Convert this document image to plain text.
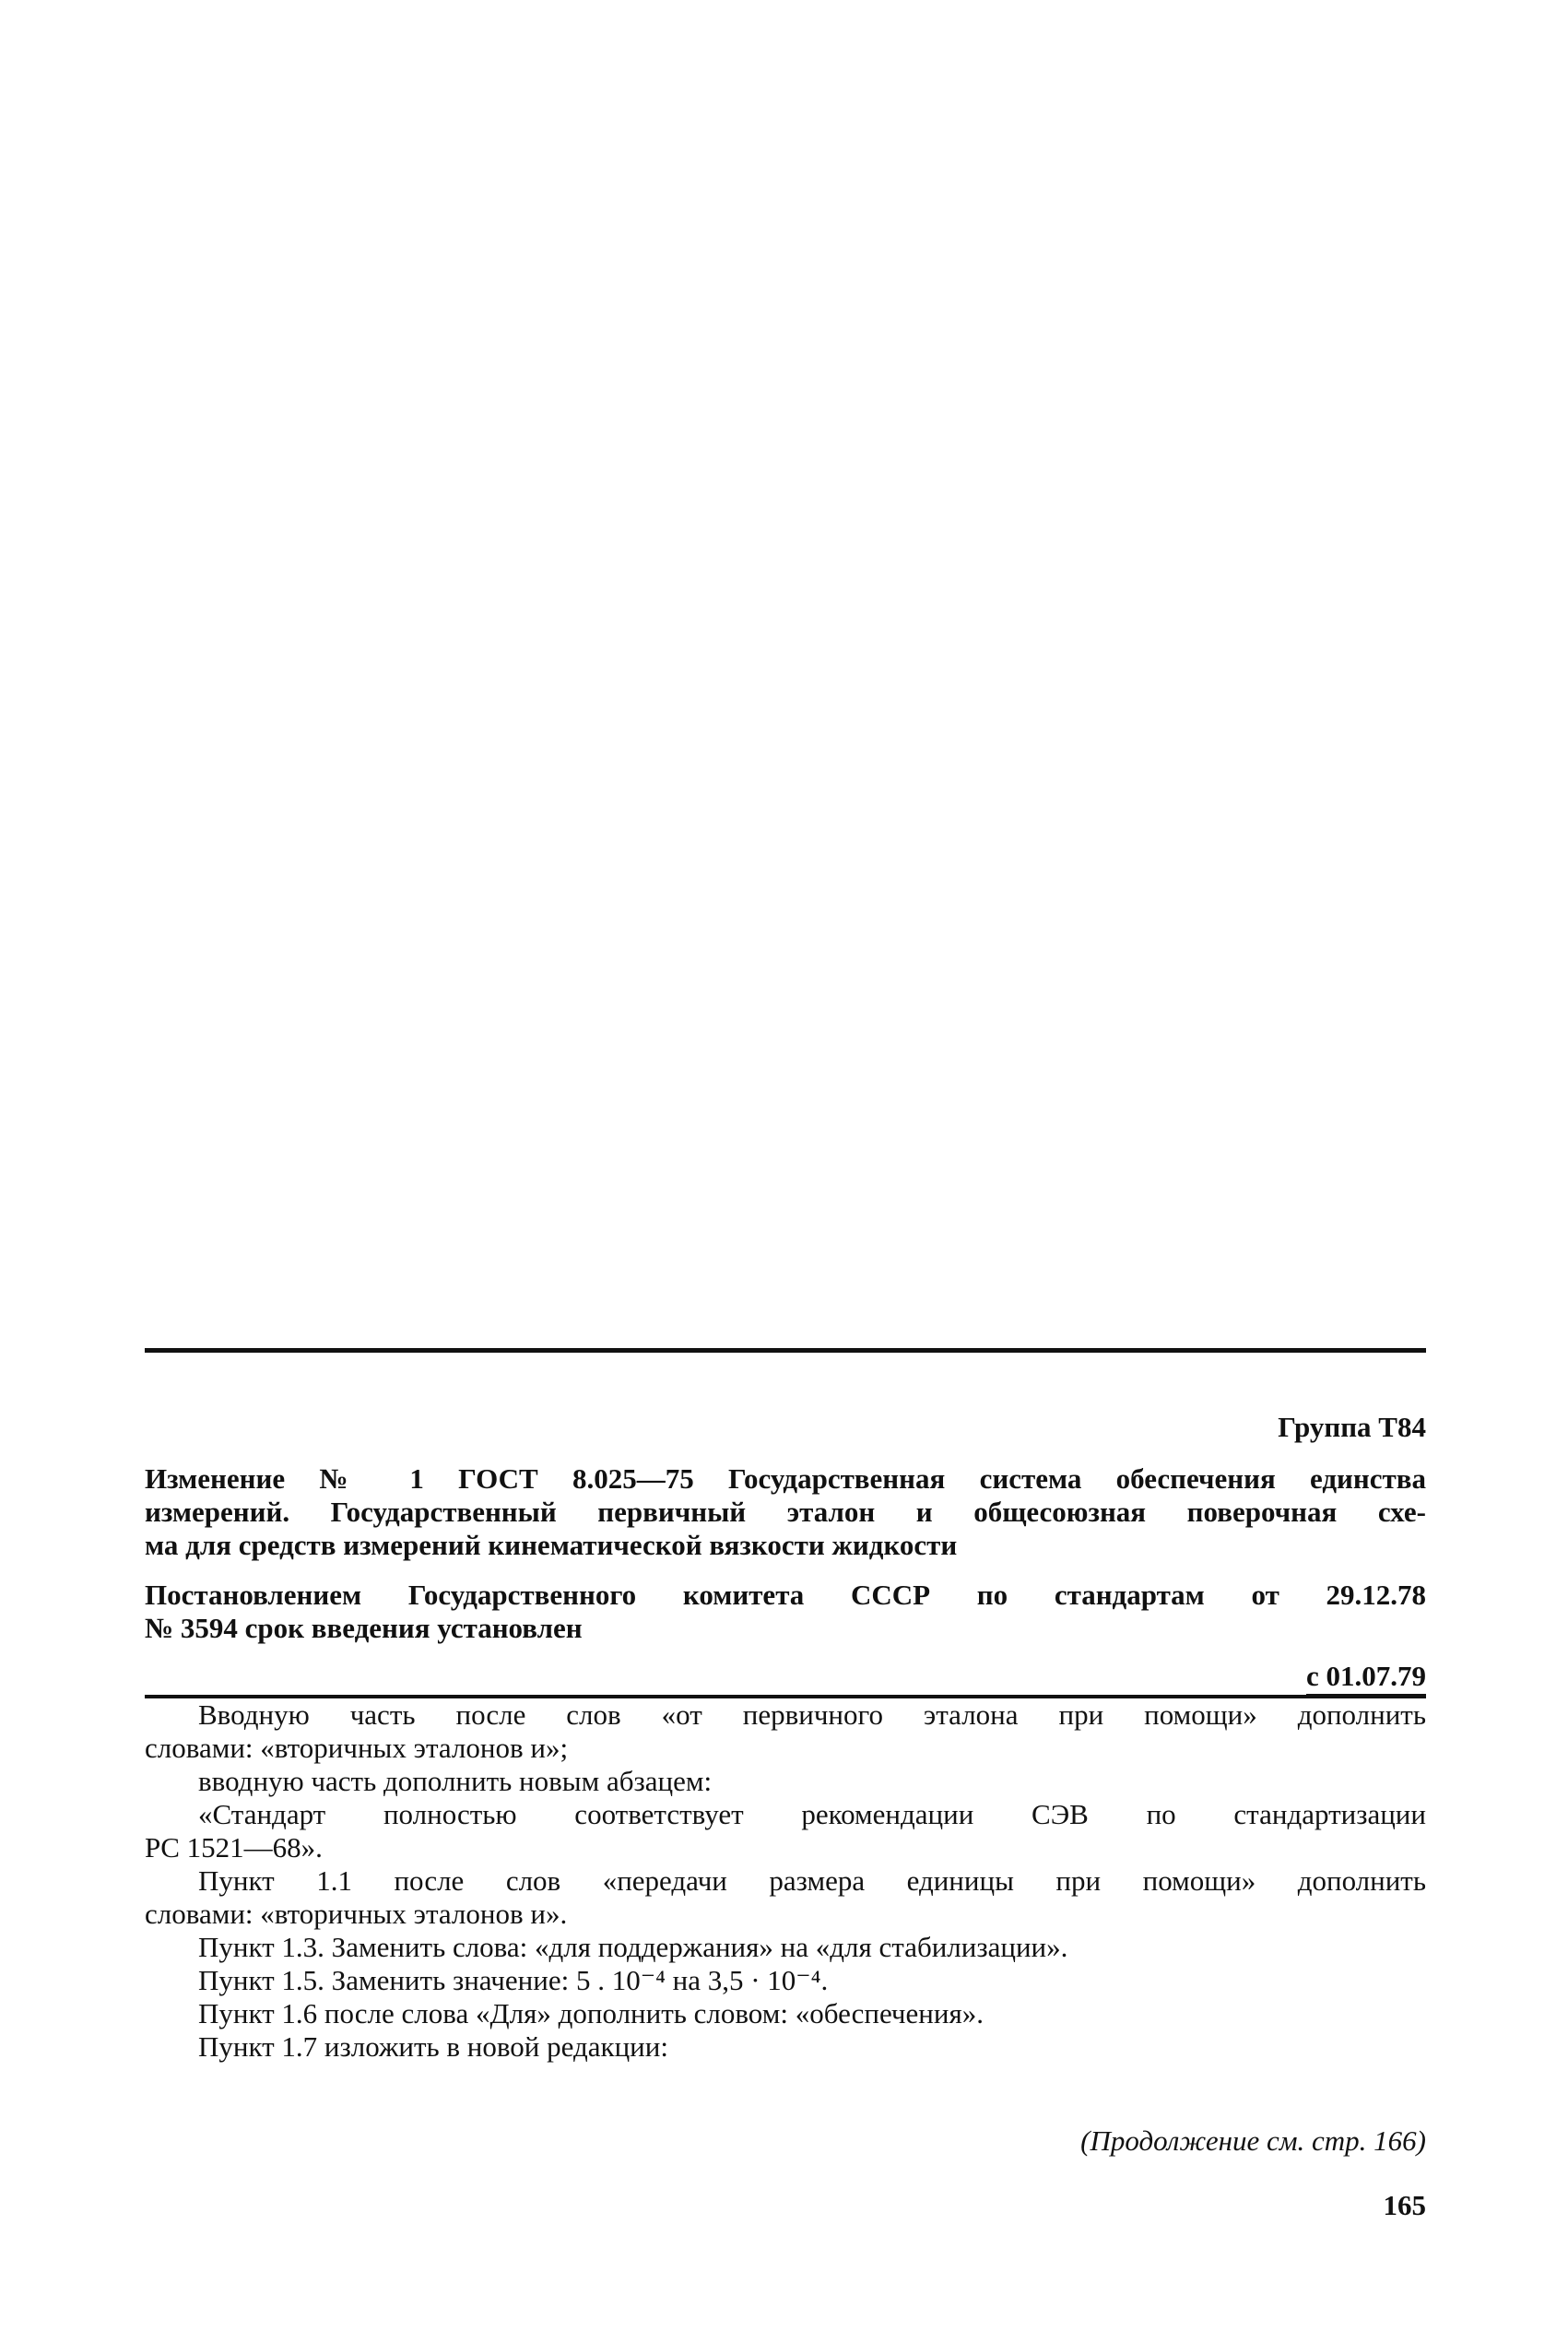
Группа Т84
Изменение № 1 ГОСТ 8.025—75 Государственная система обеспечения единства
измерений. Государственный первичный эталон и общесоюзная поверочная схе-
ма для средств измерений кинематической вязкости жидкости
Постановлением Государственного комитета СССР по стандартам от 29.12.78
№ 3594 срок введения установлен
с 01.07.79
Вводную часть после слов «от первичного эталона при помощи» дополнить
словами: «вторичных эталонов и»;
вводную часть дополнить новым абзацем:
«Стандарт полностью соответствует рекомендации СЭВ по стандартизации
PC 1521—68».
Пункт 1.1 после слов «передачи размера единицы при помощи» дополнить
словами: «вторичных эталонов и».
Пункт 1.3. Заменить слова: «для поддержания» на «для стабилизации».
Пункт 1.5. Заменить значение: 5 . 10⁻⁴ на 3,5 · 10⁻⁴.
Пункт 1.6 после слова «Для» дополнить словом: «обеспечения».
Пункт 1.7 изложить в новой редакции:
(Продолжение см. стр. 166)
165
